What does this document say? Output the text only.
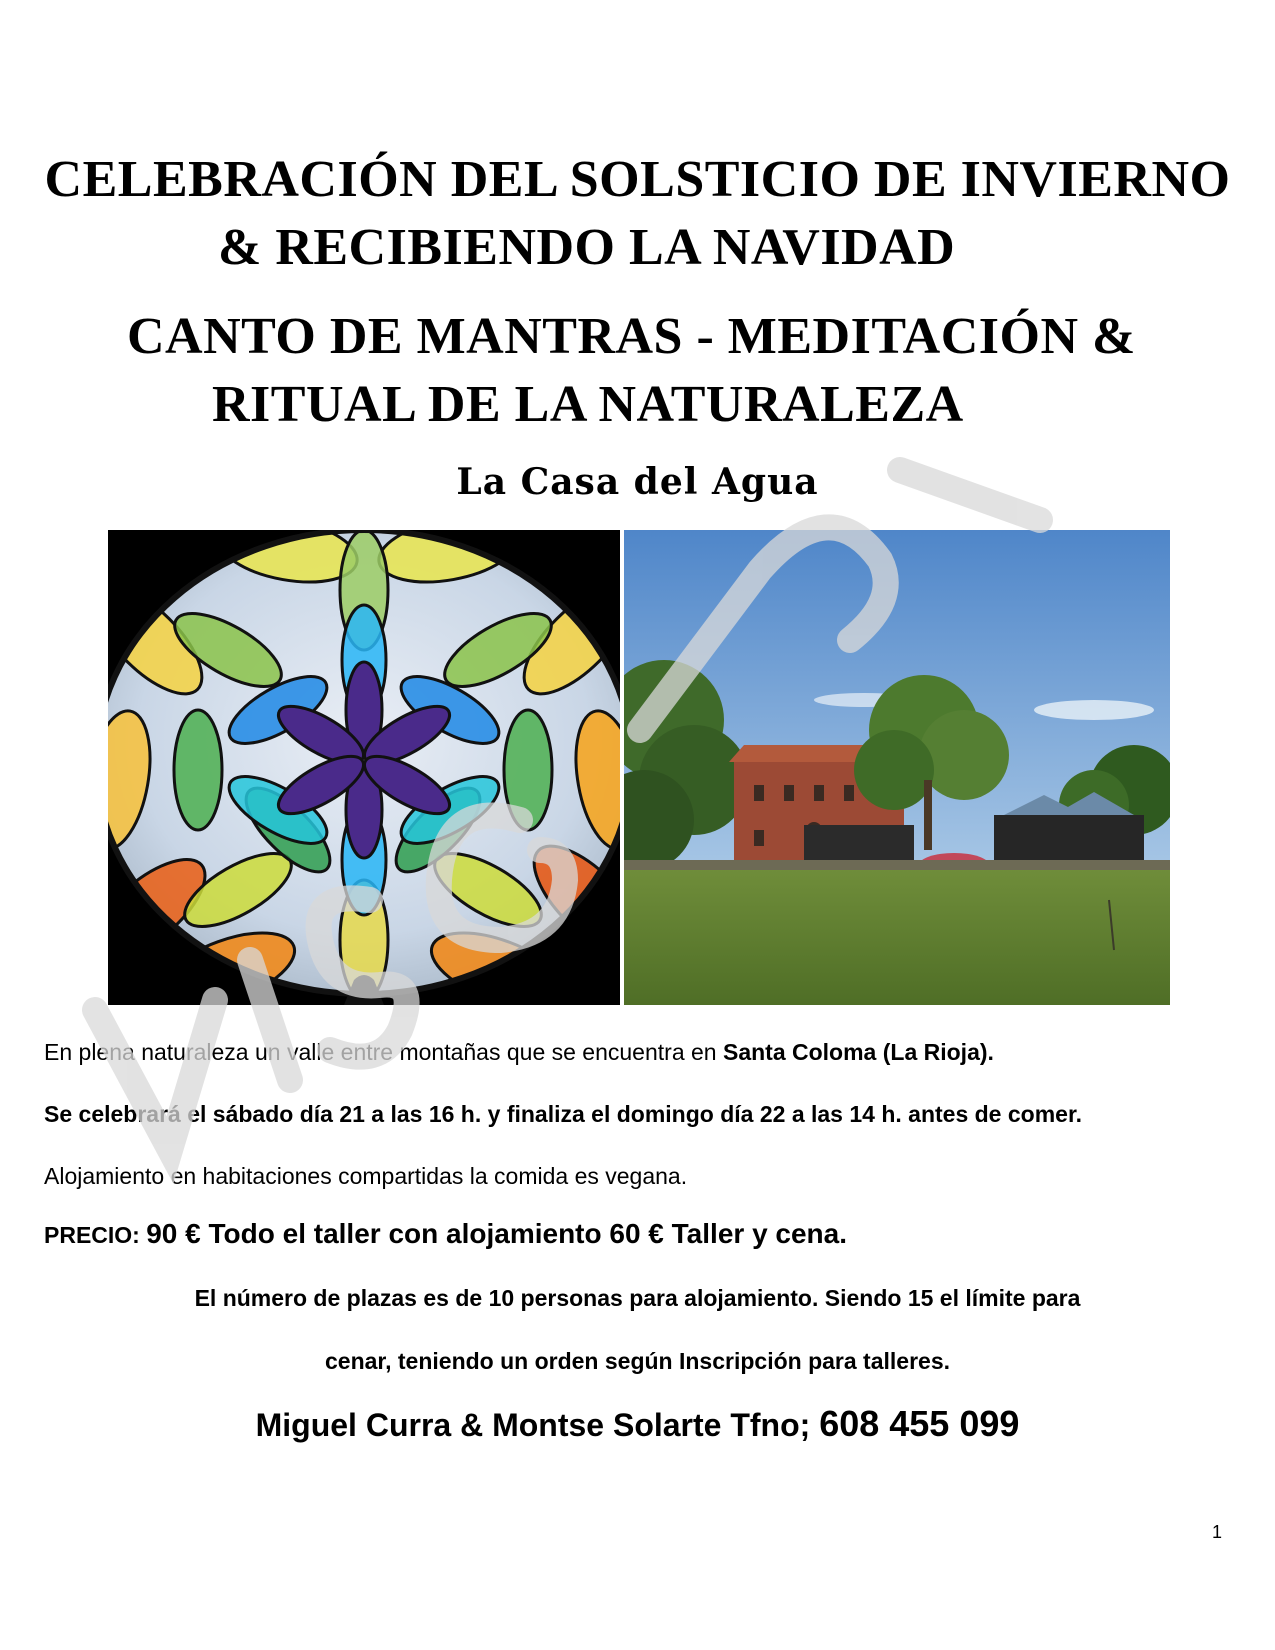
CELEBRACIÓN DEL SOLSTICIO DE INVIERNO
& RECIBIENDO LA NAVIDAD
CANTO DE MANTRAS - MEDITACIÓN &
RITUAL DE LA NATURALEZA
La Casa del Agua
En plena naturaleza un valle entre montañas que se encuentra en Santa Coloma (La Rioja).
Se celebrará el sábado día 21 a las 16 h. y finaliza el domingo día 22 a las 14 h. antes de comer.
Alojamiento en habitaciones compartidas la comida es vegana.
PRECIO: 90 € Todo el taller con alojamiento 60 € Taller y cena.
El número de plazas es de 10 personas para alojamiento. Siendo 15 el límite para
cenar, teniendo un orden según Inscripción para talleres.
Miguel Curra & Montse Solarte Tfno; 608 455 099
1
